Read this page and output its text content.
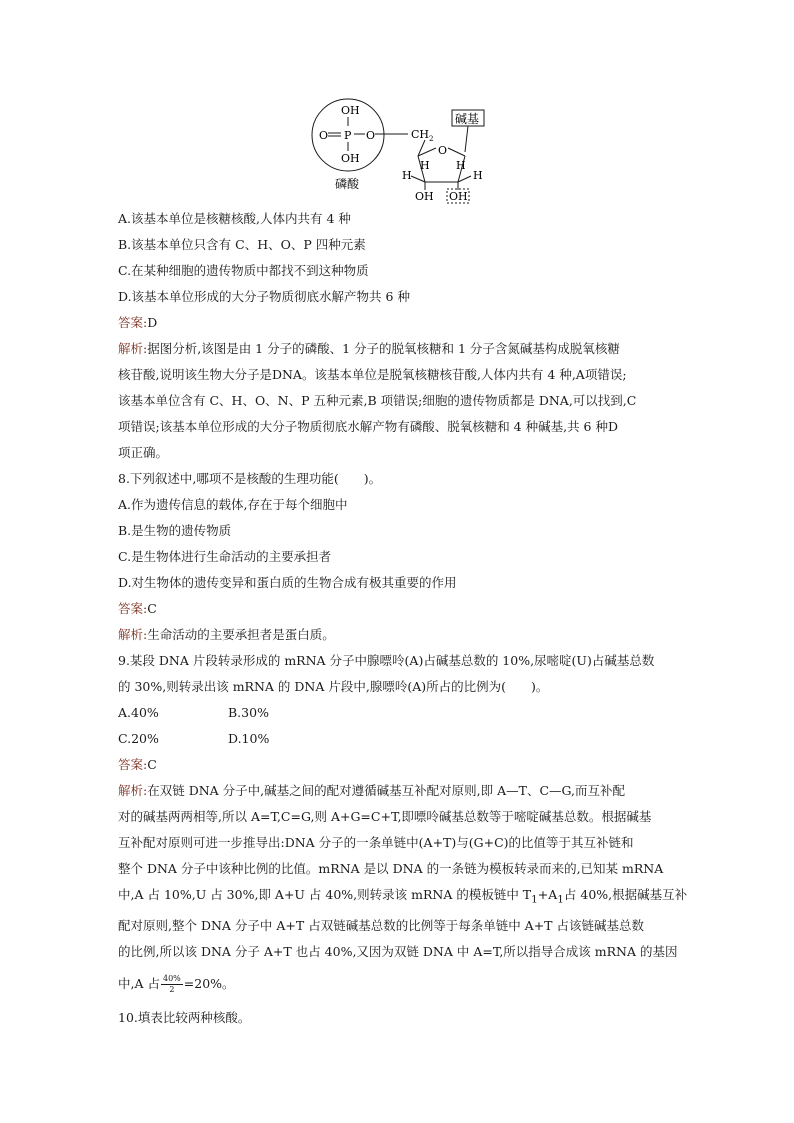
OH
O P O
OH
磷酸
$CH_2$
碱基
O
H H
H	H
OH OH

A.该基本单位是核糖核酸,人体内共有 4 种

B.该基本单位只含有 C、H、O、P 四种元素

C.在某种细胞的遗传物质中都找不到这种物质

D.该基本单位形成的大分子物质彻底水解产物共 6 种

答案:D

解析:据图分析,该图是由 1 分子的磷酸、1 分子的脱氧核糖和 1 分子含氮碱基构成脱氧核糖

核苷酸,说明该生物大分子是DNA。该基本单位是脱氧核糖核苷酸,人体内共有 4 种,A项错误;

该基本单位含有 C、H、O、N、P 五种元素,B 项错误;细胞的遗传物质都是 DNA,可以找到,C

项错误;该基本单位形成的大分子物质彻底水解产物有磷酸、脱氧核糖和 4 种碱基,共 6 种D

项正确。

8.下列叙述中,哪项不是核酸的生理功能(　　)。

A.作为遗传信息的载体,存在于每个细胞中

B.是生物的遗传物质

C.是生物体进行生命活动的主要承担者

D.对生物体的遗传变异和蛋白质的生物合成有极其重要的作用

答案:C

解析:生命活动的主要承担者是蛋白质。

9.某段 DNA 片段转录形成的 mRNA 分子中腺嘌呤(A)占碱基总数的 10%,尿嘧啶(U)占碱基总数

的 30%,则转录出该 mRNA 的 DNA 片段中,腺嘌呤(A)所占的比例为(　　)。

A.40%	B.30%
C.20%	D.10%

答案:C

解析:在双链 DNA 分子中,碱基之间的配对遵循碱基互补配对原则,即 A—T、C—G,而互补配

对的碱基两两相等,所以 A=T,C=G,则 A+G=C+T,即嘌呤碱基总数等于嘧啶碱基总数。根据碱基

互补配对原则可进一步推导出:DNA 分子的一条单链中(A+T)与(G+C)的比值等于其互补链和

整个 DNA 分子中该种比例的比值。mRNA 是以 DNA 的一条链为模板转录而来的,已知某 mRNA

中,A 占 10%,U 占 30%,即 A+U 占 40%,则转录该 mRNA 的模板链中 $T_1+A_1$占 40%,根据碱基互补

配对原则,整个 DNA 分子中 A+T 占双链碱基总数的比例等于每条单链中 A+T 占该链碱基总数

的比例,所以该 DNA 分子 A+T 也占 40%,又因为双链 DNA 中 A=T,所以指导合成该 mRNA 的基因

中,A 占 $\frac{40\%}{2} =20\%$。

10.填表比较两种核酸。
